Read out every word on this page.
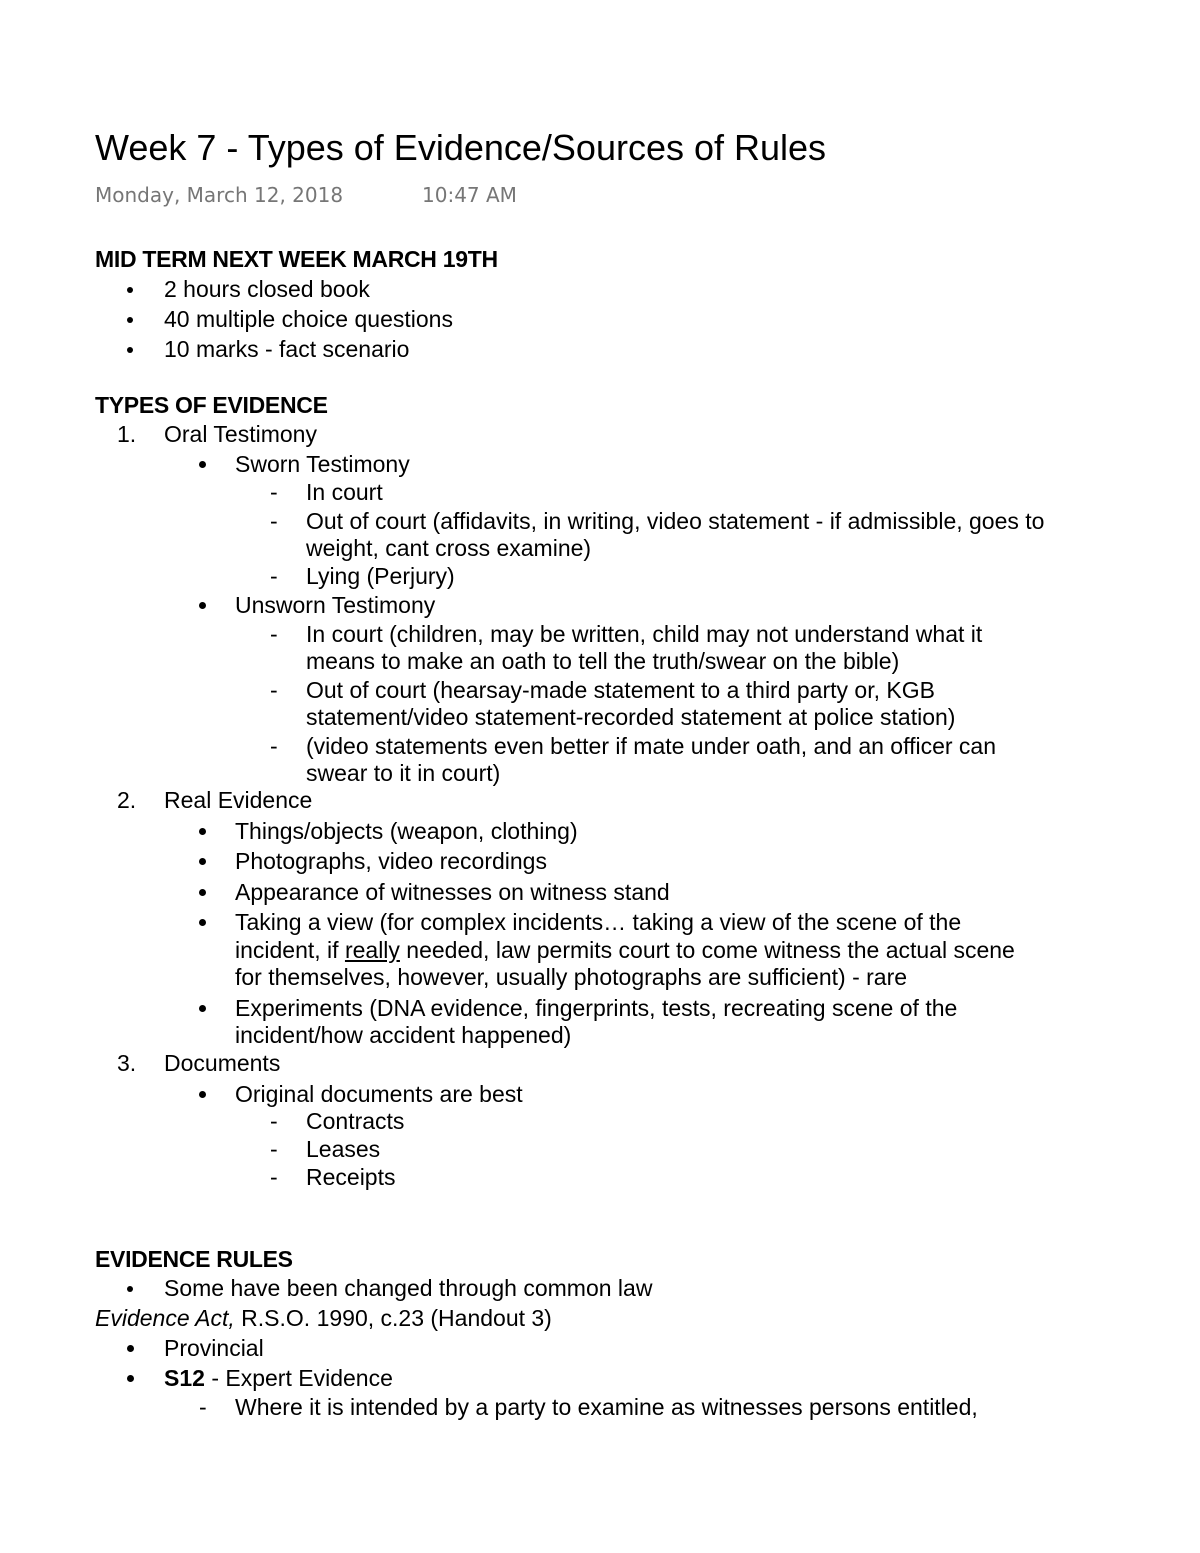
Week 7 - Types of Evidence/Sources of Rules
Monday, March 12, 2018	10:47 AM
MID TERM NEXT WEEK MARCH 19TH
2 hours closed book
40 multiple choice questions
10 marks - fact scenario
TYPES OF EVIDENCE
1. Oral Testimony
Sworn Testimony
- In court
- Out of court (affidavits, in writing, video statement - if admissible, goes to
weight, cant cross examine)
- Lying (Perjury)
Unsworn Testimony
- In court (children, may be written, child may not understand what it
means to make an oath to tell the truth/swear on the bible)
- Out of court (hearsay-made statement to a third party or, KGB
statement/video statement-recorded statement at police station)
- (video statements even better if mate under oath, and an officer can
swear to it in court)
2. Real Evidence
Things/objects (weapon, clothing)
Photographs, video recordings
Appearance of witnesses on witness stand
Taking a view (for complex incidents… taking a view of the scene of the
incident, if really needed, law permits court to come witness the actual scene
for themselves, however, usually photographs are sufficient) - rare
Experiments (DNA evidence, fingerprints, tests, recreating scene of the
incident/how accident happened)
3. Documents
Original documents are best
- Contracts
- Leases
- Receipts
EVIDENCE RULES
Some have been changed through common law
Evidence Act, R.S.O. 1990, c.23 (Handout 3)
Provincial
S12 - Expert Evidence
- Where it is intended by a party to examine as witnesses persons entitled,
